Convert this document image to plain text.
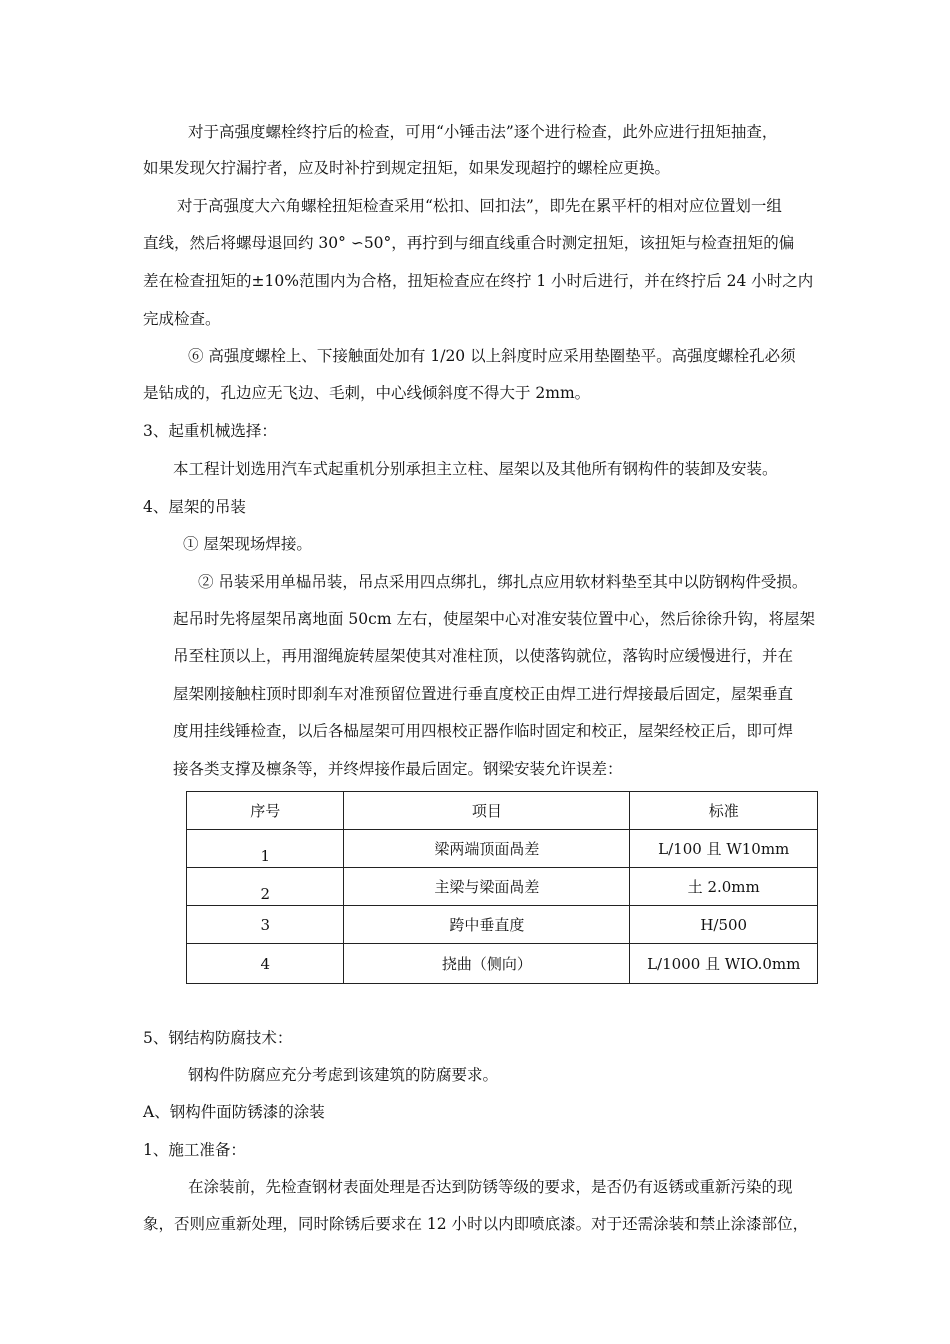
对于高强度螺栓终拧后的检查，可用“小锤击法”逐个进行检查，此外应进行扭矩抽查，
如果发现欠拧漏拧者，应及时补拧到规定扭矩，如果发现超拧的螺栓应更换。
对于高强度大六角螺栓扭矩检查采用“松扣、回扣法”，即先在累平杆的相对应位置划一组
直线，然后将螺母退回约 30° ∽50°，再拧到与细直线重合时测定扭矩，该扭矩与检查扭矩的偏
差在检查扭矩的±10%范围内为合格，扭矩检查应在终拧 1 小时后进行，并在终拧后 24 小时之内
完成检查。
⑥ 高强度螺栓上、下接触面处加有 1/20 以上斜度时应采用垫圈垫平。高强度螺栓孔必须
是钻成的，孔边应无飞边、毛刺，中心线倾斜度不得大于 2mm。
3、起重机械选择：
本工程计划选用汽车式起重机分别承担主立柱、屋架以及其他所有钢构件的装卸及安装。
4、屋架的吊装
① 屋架现场焊接。
② 吊装采用单榀吊装，吊点采用四点绑扎，绑扎点应用软材料垫至其中以防钢构件受损。
起吊时先将屋架吊离地面 50cm 左右，使屋架中心对准安装位置中心，然后徐徐升钩，将屋架
吊至柱顶以上，再用溜绳旋转屋架使其对准柱顶，以使落钩就位，落钩时应缓慢进行，并在
屋架刚接触柱顶时即刹车对准预留位置进行垂直度校正由焊工进行焊接最后固定，屋架垂直
度用挂线锤检查，以后各榀屋架可用四根校正器作临时固定和校正，屋架经校正后，即可焊
接各类支撑及檩条等，并终焊接作最后固定。钢梁安装允许误差：
序号	项目	标准
1	梁两端顶面咼差	L/100 且 W10mm
2	主梁与梁面咼差	土 2.0mm
3	跨中垂直度	H/500
4	挠曲（侧向）	L/1000 且 WIO.0mm
5、钢结构防腐技术：
钢构件防腐应充分考虑到该建筑的防腐要求。
A、钢构件面防锈漆的涂装
1、施工准备：
在涂装前，先检查钢材表面处理是否达到防锈等级的要求，是否仍有返锈或重新污染的现
象，否则应重新处理，同时除锈后要求在 12 小时以内即喷底漆。对于还需涂装和禁止涂漆部位，
